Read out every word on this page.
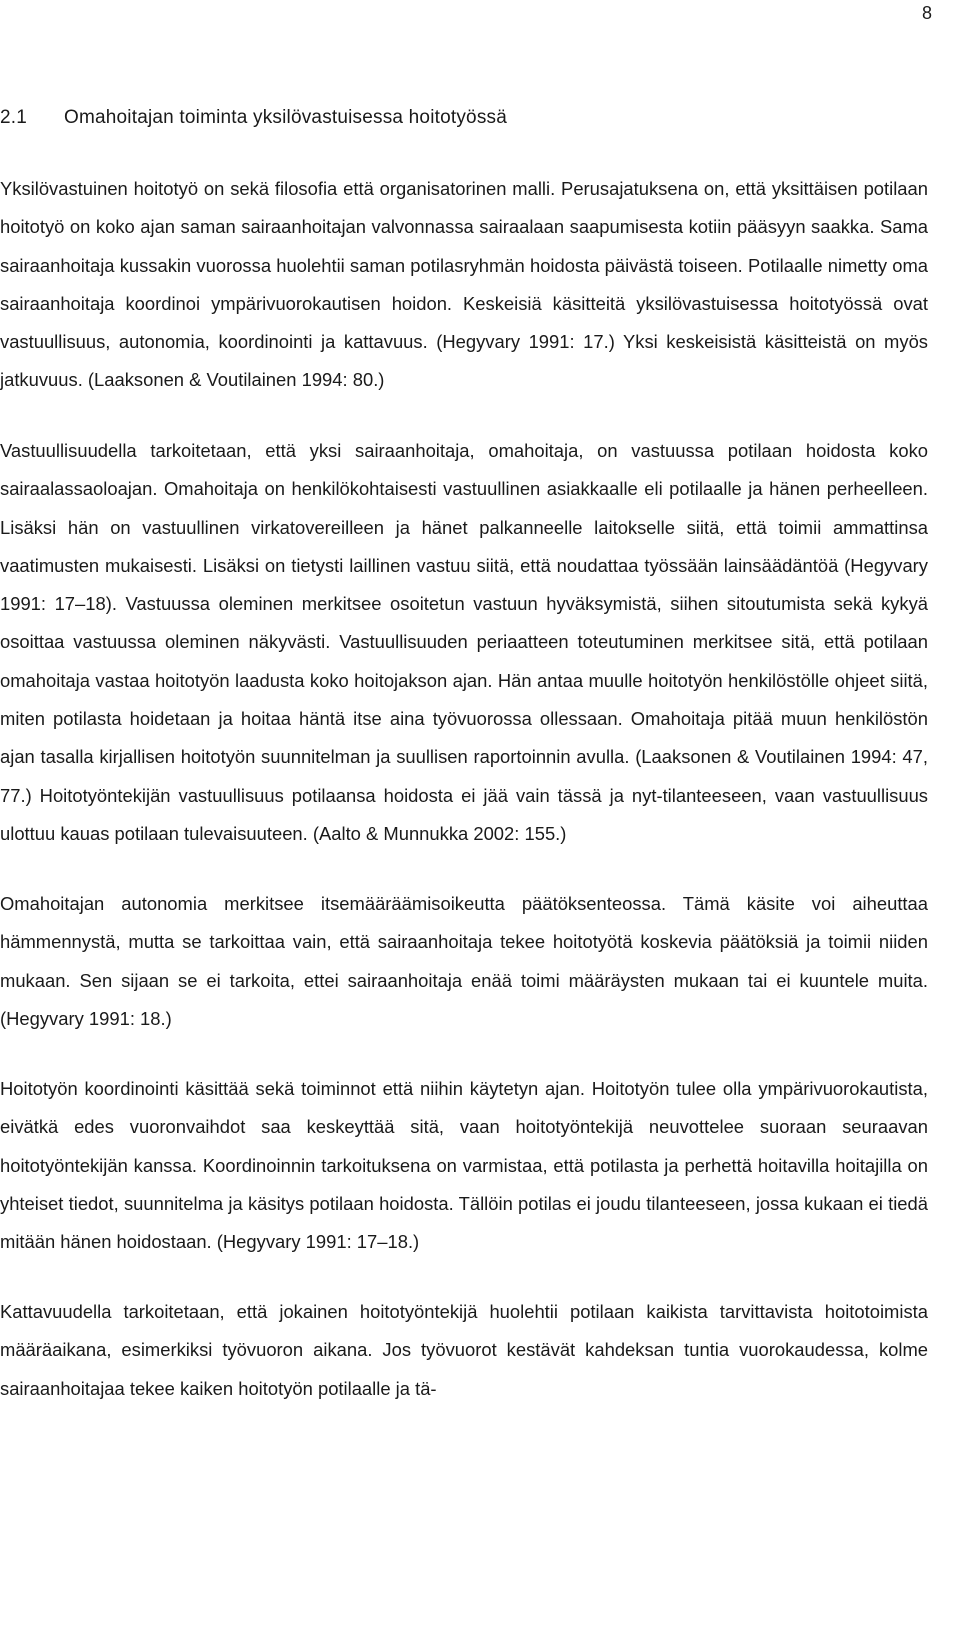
8
2.1 Omahoitajan toiminta yksilövastuisessa hoitotyössä
Yksilövastuinen hoitotyö on sekä filosofia että organisatorinen malli. Perusajatuksena on, että yksittäisen potilaan hoitotyö on koko ajan saman sairaanhoitajan valvonnassa sairaalaan saapumisesta kotiin pääsyyn saakka. Sama sairaanhoitaja kussakin vuorossa huolehtii saman potilasryhmän hoidosta päivästä toiseen. Potilaalle nimetty oma sairaanhoitaja koordinoi ympärivuorokautisen hoidon. Keskeisiä käsitteitä yksilövastuisessa hoitotyössä ovat vastuullisuus, autonomia, koordinointi ja kattavuus. (Hegyvary 1991: 17.) Yksi keskeisistä käsitteistä on myös jatkuvuus. (Laaksonen & Voutilainen 1994: 80.)
Vastuullisuudella tarkoitetaan, että yksi sairaanhoitaja, omahoitaja, on vastuussa potilaan hoidosta koko sairaalassaoloajan. Omahoitaja on henkilökohtaisesti vastuullinen asiakkaalle eli potilaalle ja hänen perheelleen. Lisäksi hän on vastuullinen virkatovereilleen ja hänet palkanneelle laitokselle siitä, että toimii ammattinsa vaatimusten mukaisesti. Lisäksi on tietysti laillinen vastuu siitä, että noudattaa työssään lainsäädäntöä (Hegyvary 1991: 17–18). Vastuussa oleminen merkitsee osoitetun vastuun hyväksymistä, siihen sitoutumista sekä kykyä osoittaa vastuussa oleminen näkyvästi. Vastuullisuuden periaatteen toteutuminen merkitsee sitä, että potilaan omahoitaja vastaa hoitotyön laadusta koko hoitojakson ajan. Hän antaa muulle hoitotyön henkilöstölle ohjeet siitä, miten potilasta hoidetaan ja hoitaa häntä itse aina työvuorossa ollessaan. Omahoitaja pitää muun henkilöstön ajan tasalla kirjallisen hoitotyön suunnitelman ja suullisen raportoinnin avulla. (Laaksonen & Voutilainen 1994: 47, 77.) Hoitotyöntekijän vastuullisuus potilaansa hoidosta ei jää vain tässä ja nyt-tilanteeseen, vaan vastuullisuus ulottuu kauas potilaan tulevaisuuteen. (Aalto & Munnukka 2002: 155.)
Omahoitajan autonomia merkitsee itsemääräämisoikeutta päätöksenteossa. Tämä käsite voi aiheuttaa hämmennystä, mutta se tarkoittaa vain, että sairaanhoitaja tekee hoitotyötä koskevia päätöksiä ja toimii niiden mukaan. Sen sijaan se ei tarkoita, ettei sairaanhoitaja enää toimi määräysten mukaan tai ei kuuntele muita. (Hegyvary 1991: 18.)
Hoitotyön koordinointi käsittää sekä toiminnot että niihin käytetyn ajan. Hoitotyön tulee olla ympärivuorokautista, eivätkä edes vuoronvaihdot saa keskeyttää sitä, vaan hoitotyöntekijä neuvottelee suoraan seuraavan hoitotyöntekijän kanssa. Koordinoinnin tarkoituksena on varmistaa, että potilasta ja perhettä hoitavilla hoitajilla on yhteiset tiedot, suunnitelma ja käsitys potilaan hoidosta. Tällöin potilas ei joudu tilanteeseen, jossa kukaan ei tiedä mitään hänen hoidostaan. (Hegyvary 1991: 17–18.)
Kattavuudella tarkoitetaan, että jokainen hoitotyöntekijä huolehtii potilaan kaikista tarvittavista hoitotoimista määräaikana, esimerkiksi työvuoron aikana. Jos työvuorot kestävät kahdeksan tuntia vuorokaudessa, kolme sairaanhoitajaa tekee kaiken hoitotyön potilaalle ja tä-
